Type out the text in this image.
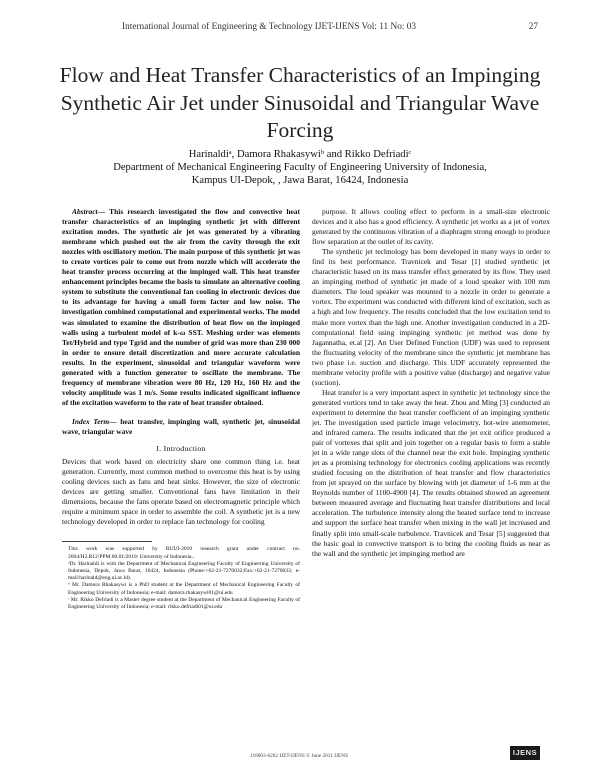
International Journal of Engineering & Technology IJET-IJENS Vol: 11 No: 03	27
Flow and Heat Transfer Characteristics of an Impinging Synthetic Air Jet under Sinusoidal and Triangular Wave Forcing
Harinaldiᵃ, Damora Rhakasywiᵇ and Rikko Defriadiᶜ
Department of Mechanical Engineering Faculty of Engineering University of Indonesia,
Kampus UI-Depok, , Jawa Barat, 16424, Indonesia

Abstract— This research investigated the flow and convective heat transfer characteristics of an impinging synthetic jet with different excitation modes. The synthetic air jet was generated by a vibrating membrane which pushed out the air from the cavity through the exit nozzles with oscillatory motion. The main purpose of this synthetic jet was to create vortices pair to come out from nozzle which will accelerate the heat transfer process occurring at the impinged wall. This heat transfer enhancement principles became the basis to simulate an alternative cooling system to substitute the conventional fan cooling in electronic devices due to its advantage for having a small form factor and low noise. The investigation combined computational and experimental works. The model was simulated to examine the distribution of heat flow on the impinged walls using a turbulent model of k-ω SST. Meshing order was elements Tet/Hybrid and type Tgrid and the number of grid was more than 230 000 in order to ensure detail discretization and more accurate calculation results. In the experiment, sinusoidal and triangular waveform were generated with a function generator to oscillate the membrane. The frequency of membrane vibration were 80 Hz, 120 Hz, 160 Hz and the velocity amplitude was 1 m/s. Some results indicated significant influence of the excitation waveform to the rate of heat transfer obtained.

Index Term— heat transfer, impinging wall, synthetic jet, sinusoidal wave, triangular wave

I. Introduction

Devices that work based on electricity share one common thing i.e. heat generation. Currently, most common method to overcome this heat is by using cooling devices such as fans and heat sinks. However, the size of electronic devices are getting smaller. Conventional fans have limitation in their dimensions, because the fans operate based on electromagnetic principle which require a minimum space in order to assemble the coil. A synthetic jet is a new technology developed in order to replace fan technology for cooling

This work was supported by RUUI-2010 research grant under contract no. 2604/H2.R12/PPM.00.01/2010/ University of Indonesia..

ᵃDr. Harinaldi is with the Department of Mechanical Engineering Faculty of Engineering University of Indonesia, Depok, Jawa Barat, 16424, Indonesia (Phone:+62-21-7270032;Fax:+62-21-7270033; e-mail:harinald@eng.ui.ac.id).

ᵇ Mr. Damora Rhakasywi is a PhD student at the Department of Mechanical Engineering Faculty of Engineering University of Indonesia; e-mail: damora.rhakasywi01@ui.edu

ᶜ Mr. Rikko Defriadi is a Master degree student at the Department of Mechanical Engineering Faculty of Engineering University of Indonesia; e-mail: rikko.defriadi01@ui.edu

purpose. It allows cooling effect to perform in a small-size electronic devices and it also has a good efficiency. A synthetic jet works as a jet of vortex generated by the continuous vibration of a diaphragm strong enough to produce flow separation at the outlet of its cavity.

The synthetic jet technology has been developed in many ways in order to find its best performance. Travnicek and Tesar [1] studied synthetic jet characteristic based on its mass transfer effect generated by its flow. They used an impinging method of synthetic jet made of a loud speaker with 100 mm diameters. The loud speaker was mounted to a nozzle in order to generate a vortex. The experiment was conducted with different kind of excitation, such as a high and low frequency. The results concluded that the low excitation tend to make more vortex than the high one. Another investigation conducted in a 2D-computational field using impinging synthetic jet method was done by Jagannatha, et.al [2]. An User Defined Function (UDF) was used to represent the fluctuating velocity of the membrane since the synthetic jet membrane has two phase i.e. suction and discharge. This UDF accurately represented the membrane velocity profile with a positive value (discharge) and negative value (suction).

Heat transfer is a very important aspect in synthetic jet technology since the generated vortices tend to take away the heat. Zhou and Ming [3] conducted an experiment to determine the heat transfer coefficient of an impinging synthetic jet. The investigation used particle image velocimetry, hot-wire anemometer, and infrared camera. The results indicated that the jet exit orifice produced a pair of vortexes that split and join together on a regular basis to form a stable jet in a wide range slots of the channel near the exit hole. Impinging synthetic jet as a promising technology for electronics cooling applications was recently studied focusing on the distribution of heat transfer and flow characteristics from jet sprayed on the surface by blowing with jet diameter of 1-6 mm at the Reynolds number of 1100-4900 [4]. The results obtained showed an agreement between measured average and fluctuating heat transfer distributions and local acceleration. The turbulence intensity along the heated surface tend to increase and support the surface heat transfer when mixing in the wall jet increased and finally split into small-scale turbulence. Travnicek and Tesar [5] suggested that the basic goal in convective transport is to bring the cooling fluids as near as the wall and the synthetic jet impinging method are

118003-6262 IJET-IJENS © June 2011 IJENS	IJENS
